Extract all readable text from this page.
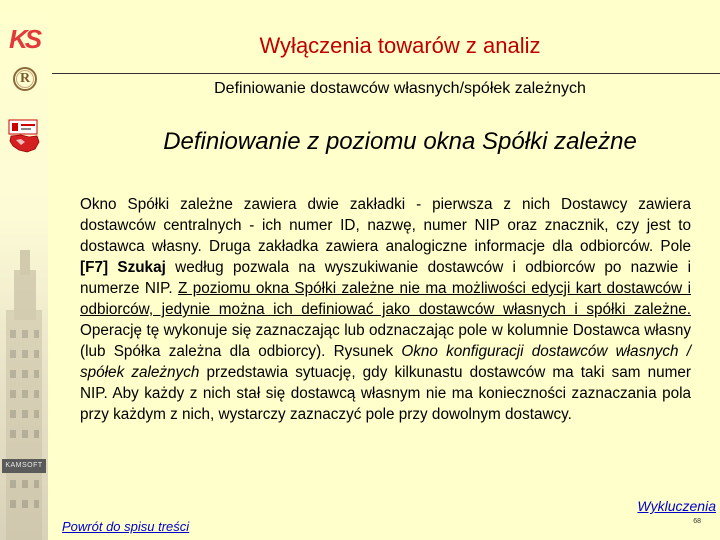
KS
R
KAMSOFT
Wyłączenia towarów z analiz
Definiowanie dostawców własnych/spółek zależnych
Definiowanie z poziomu okna Spółki zależne
Okno Spółki zależne zawiera dwie zakładki - pierwsza z nich Dostawcy zawiera dostawców centralnych - ich numer ID, nazwę, numer NIP oraz znacznik, czy jest to dostawca własny. Druga zakładka zawiera analogiczne informacje dla odbiorców. Pole [F7] Szukaj według pozwala na wyszukiwanie dostawców i odbiorców po nazwie i numerze NIP. Z poziomu okna Spółki zależne nie ma możliwości edycji kart dostawców i odbiorców, jedynie można ich definiować jako dostawców własnych i spółki zależne. Operację tę wykonuje się zaznaczając lub odznaczając pole w kolumnie Dostawca własny (lub Spółka zależna dla odbiorcy). Rysunek Okno konfiguracji dostawców własnych / spółek zależnych przedstawia sytuację, gdy kilkunastu dostawców ma taki sam numer NIP. Aby każdy z nich stał się dostawcą własnym nie ma konieczności zaznaczania pola przy każdym z nich, wystarczy zaznaczyć pole przy dowolnym dostawcy.
Wykluczenia
Powrót do spisu treści	68
